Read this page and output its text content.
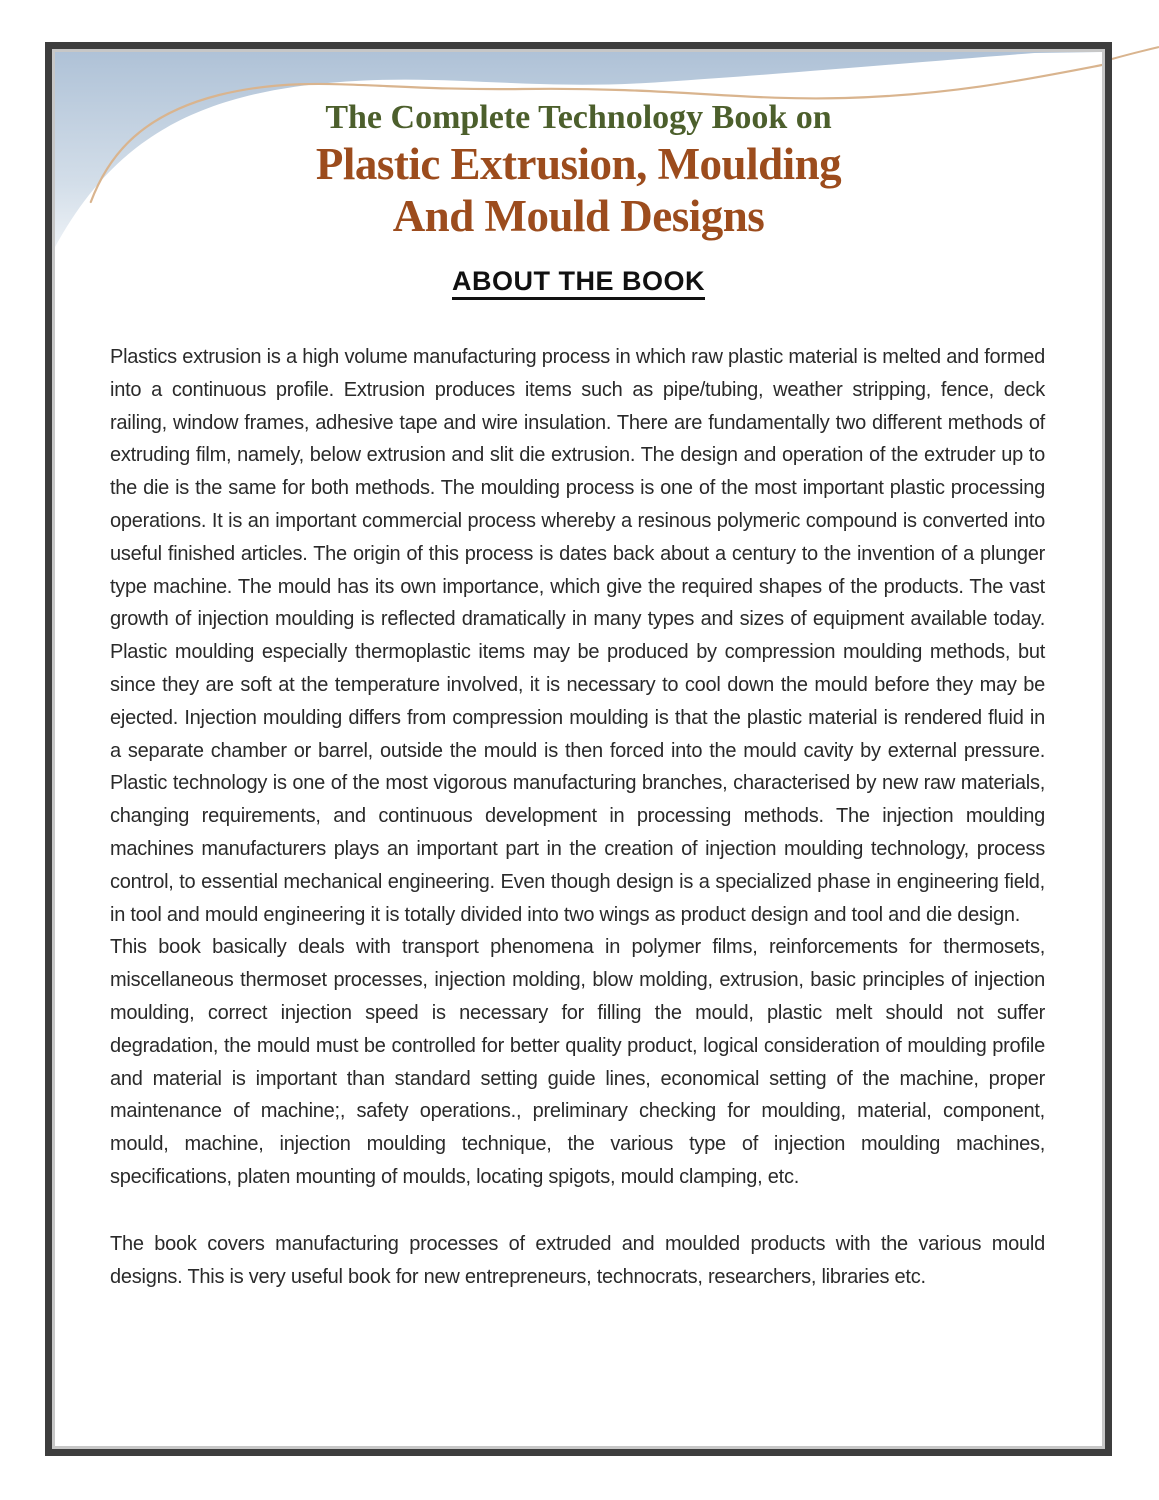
The Complete Technology Book on
Plastic Extrusion, Moulding
And Mould Designs
ABOUT THE BOOK

Plastics extrusion is a high volume manufacturing process in which raw plastic material is melted and formed into a continuous profile. Extrusion produces items such as pipe/tubing, weather stripping, fence, deck railing, window frames, adhesive tape and wire insulation. There are fundamentally two different methods of extruding film, namely, below extrusion and slit die extrusion. The design and operation of the extruder up to the die is the same for both methods. The moulding process is one of the most important plastic processing operations. It is an important commercial process whereby a resinous polymeric compound is converted into useful finished articles. The origin of this process is dates back about a century to the invention of a plunger type machine. The mould has its own importance, which give the required shapes of the products. The vast growth of injection moulding is reflected dramatically in many types and sizes of equipment available today. Plastic moulding especially thermoplastic items may be produced by compression moulding methods, but since they are soft at the temperature involved, it is necessary to cool down the mould before they may be ejected. Injection moulding differs from compression moulding is that the plastic material is rendered fluid in a separate chamber or barrel, outside the mould is then forced into the mould cavity by external pressure. Plastic technology is one of the most vigorous manufacturing branches, characterised by new raw materials, changing requirements, and continuous development in processing methods. The injection moulding machines manufacturers plays an important part in the creation of injection moulding technology, process control, to essential mechanical engineering. Even though design is a specialized phase in engineering field, in tool and mould engineering it is totally divided into two wings as product design and tool and die design.

This book basically deals with transport phenomena in polymer films, reinforcements for thermosets, miscellaneous thermoset processes, injection molding, blow molding, extrusion, basic principles of injection moulding, correct injection speed is necessary for filling the mould, plastic melt should not suffer degradation, the mould must be controlled for better quality product, logical consideration of moulding profile and material is important than standard setting guide lines, economical setting of the machine, proper maintenance of machine;, safety operations., preliminary checking for moulding, material, component, mould, machine, injection moulding technique, the various type of injection moulding machines, specifications, platen mounting of moulds, locating spigots, mould clamping, etc.

The book covers manufacturing processes of extruded and moulded products with the various mould designs. This is very useful book for new entrepreneurs, technocrats, researchers, libraries etc.
